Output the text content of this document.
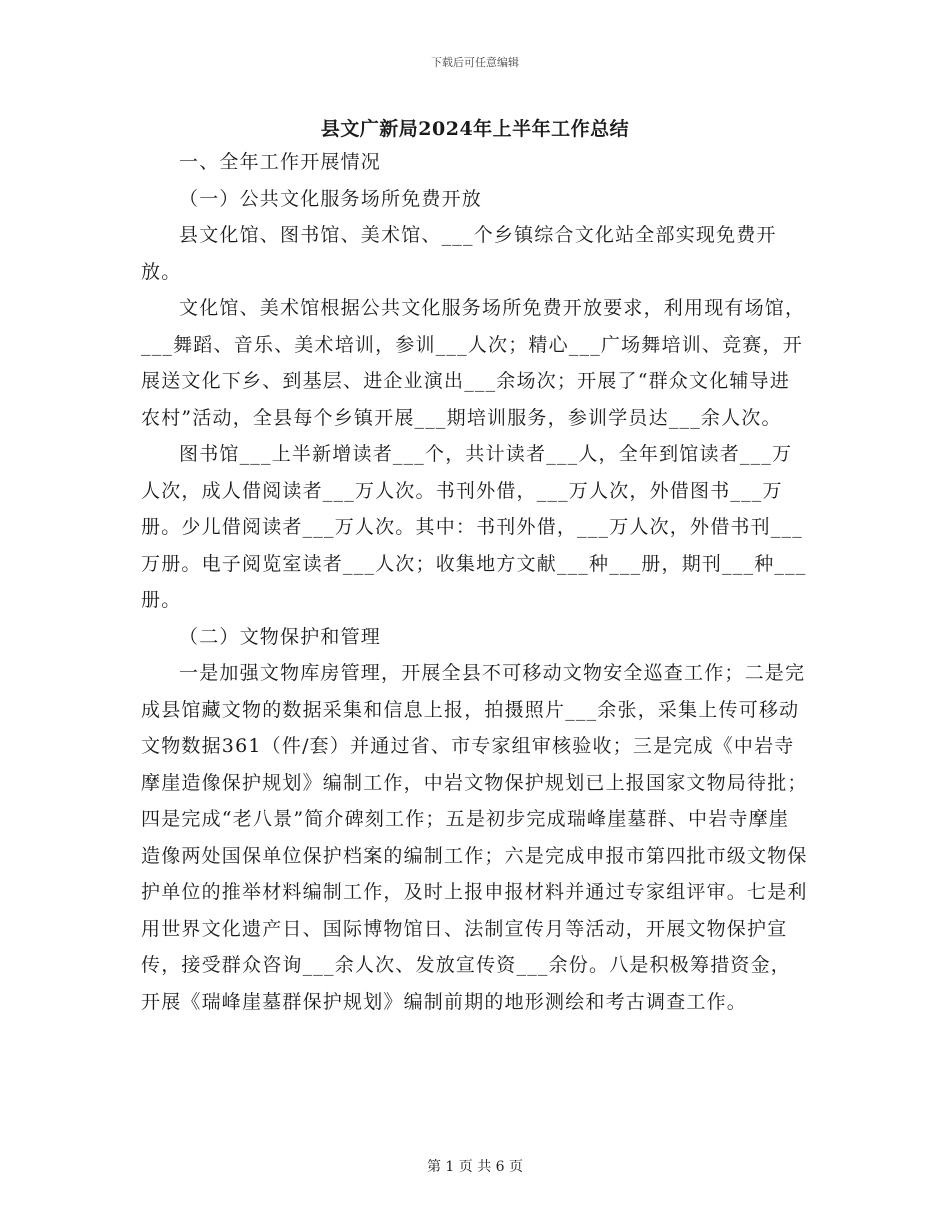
下载后可任意编辑
县文广新局2024年上半年工作总结

一、全年工作开展情况

（一）公共文化服务场所免费开放

县文化馆、图书馆、美术馆、___个乡镇综合文化站全部实现免费开放。

文化馆、美术馆根据公共文化服务场所免费开放要求，利用现有场馆，___舞蹈、音乐、美术培训，参训___人次；精心___广场舞培训、竞赛，开展送文化下乡、到基层、进企业演出___余场次；开展了“群众文化辅导进农村”活动，全县每个乡镇开展___期培训服务，参训学员达___余人次。

图书馆___上半新增读者___个，共计读者___人，全年到馆读者___万人次，成人借阅读者___万人次。书刊外借，___万人次，外借图书___万册。少儿借阅读者___万人次。其中：书刊外借，___万人次，外借书刊___万册。电子阅览室读者___人次；收集地方文献___种___册，期刊___种___册。

（二）文物保护和管理

一是加强文物库房管理，开展全县不可移动文物安全巡查工作；二是完成县馆藏文物的数据采集和信息上报，拍摄照片___余张，采集上传可移动文物数据361（件/套）并通过省、市专家组审核验收；三是完成《中岩寺摩崖造像保护规划》编制工作，中岩文物保护规划已上报国家文物局待批；四是完成“老八景”简介碑刻工作；五是初步完成瑞峰崖墓群、中岩寺摩崖造像两处国保单位保护档案的编制工作；六是完成申报市第四批市级文物保护单位的推举材料编制工作，及时上报申报材料并通过专家组评审。七是利用世界文化遗产日、国际博物馆日、法制宣传月等活动，开展文物保护宣传，接受群众咨询___余人次、发放宣传资___余份。八是积极筹措资金，开展《瑞峰崖墓群保护规划》编制前期的地形测绘和考古调查工作。

第 1 页 共 6 页
